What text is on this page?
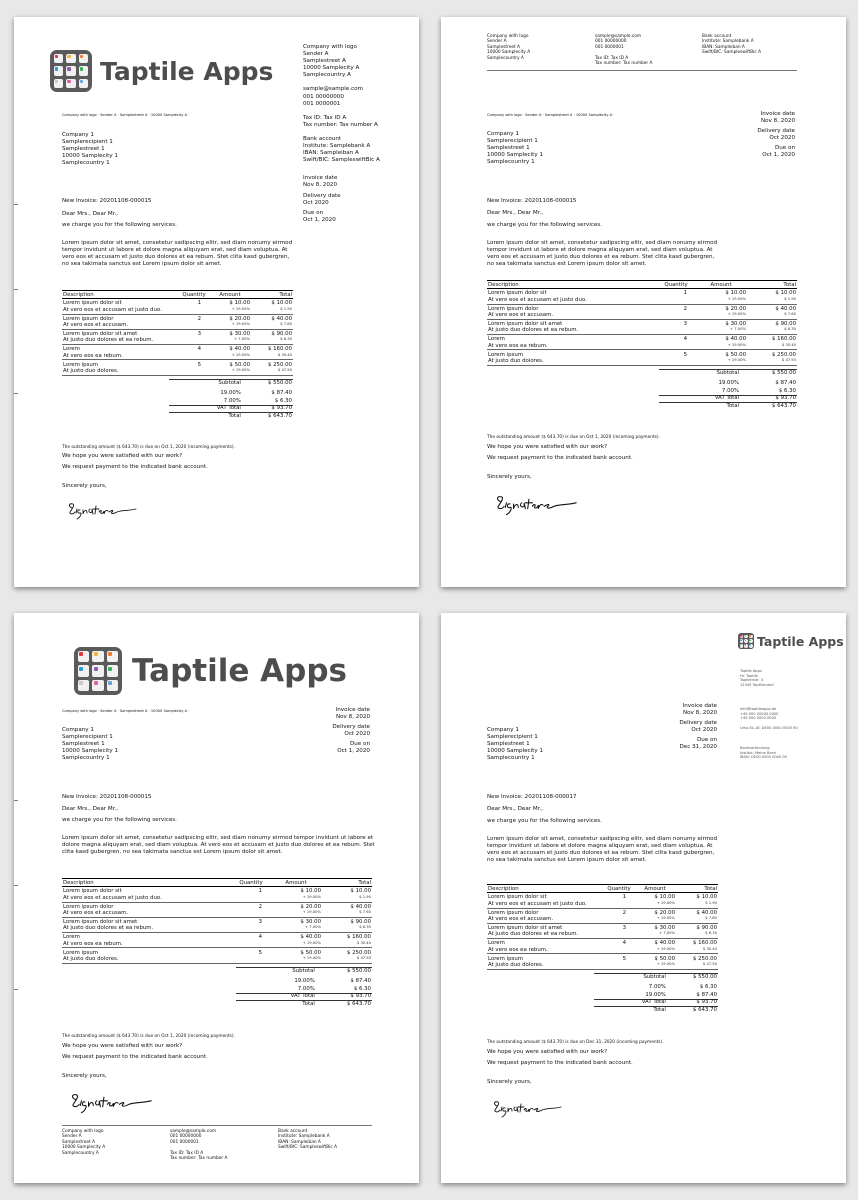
Taptile Apps
Company with logo
Sender A
Samplestreet A
10000 Samplecity A
Samplecountry A
sample@sample.com
001 00000000
001 0000001
Tax ID: Tax ID A
Tax number: Tax number A
Bank account
Institute: Samplebank A
IBAN: Sampleiban A
Swift/BIC: SampleswiftBic A
Invoice date
Nov 8, 2020
Delivery date
Oct 2020
Due on
Oct 1, 2020
Company with logo · Sender A · Samplestreet A · 10000 Samplecity A ·
Company 1
Samplerecipient 1
Samplestreet 1
10000 Samplecity 1
Samplecountry 1
New Invoice: 20201108-000015
Dear Mrs., Dear Mr.,
we charge you for the following services.
Lorem ipsum dolor sit amet, consetetur sadipscing elitr, sed diam nonumy eirmod
tempor invidunt ut labore et dolore magna aliquyam erat, sed diam voluptua. At
vero eos et accusam et justo duo dolores et ea rebum. Stet clita kasd gubergren,
no sea takimata sanctus est Lorem ipsum dolor sit amet.
Description	Quantity	Amount	Total
Lorem ipsum dolor sit	1	$ 10.00	$ 10.00
At vero eos et accusam et justo duo.		+ 19.00%	$ 1.90
Lorem ipsum dolor	2	$ 20.00	$ 40.00
At vero eos et accusam.		+ 19.00%	$ 7.60
Lorem ipsum dolor sit amet	3	$ 30.00	$ 90.00
At justo duo dolores et ea rebum.		+ 7.00%	$ 6.30
Lorem	4	$ 40.00	$ 160.00
At vero eos ea rebum.		+ 19.00%	$ 30.40
Lorem ipsum	5	$ 50.00	$ 250.00
At justo duo dolores.		+ 19.00%	$ 47.50
Subtotal	$ 550.00
19.00%	$ 87.40
7.00%	$ 6.30
VAT Total	$ 93.70
Total	$ 643.70
The outstanding amount ($ 643.70) is due on Oct 1, 2020 (incoming payments).
We hope you were satisfied with our work?
We request payment to the indicated bank account.
Sincerely yours,
Company with logo
Sender A
Samplestreet A
10000 Samplecity A
Samplecountry A
sample@sample.com
001 00000000
001 0000001
Tax ID: Tax ID A
Tax number: Tax number A
Bank account
Institute: Samplebank A
IBAN: Sampleiban A
Swift/BIC: SampleswiftBic A
Company with logo · Sender A · Samplestreet A · 10000 Samplecity A ·	Invoice date
Nov 8, 2020
Delivery date
Oct 2020
Due on
Oct 1, 2020
Company 1
Samplerecipient 1
Samplestreet 1
10000 Samplecity 1
Samplecountry 1
New Invoice: 20201108-000015
Dear Mrs., Dear Mr.,
we charge you for the following services.
Lorem ipsum dolor sit amet, consetetur sadipscing elitr, sed diam nonumy eirmod
tempor invidunt ut labore et dolore magna aliquyam erat, sed diam voluptua. At
vero eos et accusam et justo duo dolores et ea rebum. Stet clita kasd gubergren,
no sea takimata sanctus est Lorem ipsum dolor sit amet.
Description	Quantity	Amount	Total
Lorem ipsum dolor sit	1	$ 10.00	$ 10.00
At vero eos et accusam et justo duo.		+ 19.00%	$ 1.90
Lorem ipsum dolor	2	$ 20.00	$ 40.00
At vero eos et accusam.		+ 19.00%	$ 7.60
Lorem ipsum dolor sit amet	3	$ 30.00	$ 90.00
At justo duo dolores et ea rebum.		+ 7.00%	$ 6.30
Lorem	4	$ 40.00	$ 160.00
At vero eos ea rebum.		+ 19.00%	$ 30.40
Lorem ipsum	5	$ 50.00	$ 250.00
At justo duo dolores.		+ 19.00%	$ 47.50
Subtotal	$ 550.00
19.00%	$ 87.40
7.00%	$ 6.30
VAT Total	$ 93.70
Total	$ 643.70
The outstanding amount ($ 643.70) is due on Oct 1, 2020 (incoming payments).
We hope you were satisfied with our work?
We request payment to the indicated bank account.
Sincerely yours,
Taptile Apps
Company with logo · Sender A · Samplestreet A · 10000 Samplecity A ·	Invoice date
Nov 8, 2020
Delivery date
Oct 2020
Due on
Oct 1, 2020
Company 1
Samplerecipient 1
Samplestreet 1
10000 Samplecity 1
Samplecountry 1
New Invoice: 20201108-000015
Dear Mrs., Dear Mr.,
we charge you for the following services.
Lorem ipsum dolor sit amet, consetetur sadipscing elitr, sed diam nonumy eirmod tempor invidunt ut labore et
dolore magna aliquyam erat, sed diam voluptua. At vero eos et accusam et justo duo dolores et ea rebum. Stet
clita kasd gubergren, no sea takimata sanctus est Lorem ipsum dolor sit amet.
Description	Quantity	Amount	Total
Lorem ipsum dolor sit	1	$ 10.00	$ 10.00
At vero eos et accusam et justo duo.		+ 19.00%	$ 1.90
Lorem ipsum dolor	2	$ 20.00	$ 40.00
At vero eos et accusam.		+ 19.00%	$ 7.60
Lorem ipsum dolor sit amet	3	$ 30.00	$ 90.00
At justo duo dolores et ea rebum.		+ 7.00%	$ 6.30
Lorem	4	$ 40.00	$ 160.00
At vero eos ea rebum.		+ 19.00%	$ 30.40
Lorem ipsum	5	$ 50.00	$ 250.00
At justo duo dolores.		+ 19.00%	$ 47.50
Subtotal	$ 550.00
19.00%	$ 87.40
7.00%	$ 6.30
VAT Total	$ 93.70
Total	$ 643.70
The outstanding amount ($ 643.70) is due on Oct 1, 2020 (incoming payments).
We hope you were satisfied with our work?
We request payment to the indicated bank account.
Sincerely yours,
Company with logo
Sender A
Samplestreet A
10000 Samplecity A
Samplecountry A
sample@sample.com
001 00000000
001 0000001
Tax ID: Tax ID A
Tax number: Tax number A
Bank account
Institute: Samplebank A
IBAN: Sampleiban A
Swift/BIC: SampleswiftBic A
Taptile Apps
Taptile Apps
Hr. Taptile
Taptilenstr. 3
12345 Taptilendorf
info@taptileapps.de
+49 000 00000 0000
+49 000 0000 0000
Umx.St.-ID: DE00 0000 0000 00
Bankverbindung
Institut: Meine Bank
IBAN: DE00 0000 0000 00
Invoice date
Nov 8, 2020
Delivery date
Oct 2020
Due on
Dec 31, 2020
Company 1
Samplerecipient 1
Samplestreet 1
10000 Samplecity 1
Samplecountry 1
New Invoice: 20201108-000017
Dear Mrs., Dear Mr.,
we charge you for the following services.
Lorem ipsum dolor sit amet, consetetur sadipscing elitr, sed diam nonumy eirmod
tempor invidunt ut labore et dolore magna aliquyam erat, sed diam voluptua. At
vero eos et accusam et justo duo dolores et ea rebum. Stet clita kasd gubergren,
no sea takimata sanctus est Lorem ipsum dolor sit amet.
Description	Quantity	Amount	Total
Lorem ipsum dolor sit	1	$ 10.00	$ 10.00
At vero eos et accusam et justo duo.		+ 19.00%	$ 1.90
Lorem ipsum dolor	2	$ 20.00	$ 40.00
At vero eos et accusam.		+ 19.00%	$ 7.60
Lorem ipsum dolor sit amet	3	$ 30.00	$ 90.00
At justo duo dolores et ea rebum.		+ 7.00%	$ 6.30
Lorem	4	$ 40.00	$ 160.00
At vero eos ea rebum.		+ 19.00%	$ 30.40
Lorem ipsum	5	$ 50.00	$ 250.00
At justo duo dolores.		+ 19.00%	$ 47.50
Subtotal	$ 550.00
7.00%	$ 6.30
19.00%	$ 87.40
VAT Total	$ 93.70
Total	$ 643.70
The outstanding amount ($ 643.70) is due on Dec 31, 2020 (incoming payments).
We hope you were satisfied with our work?
We request payment to the indicated bank account.
Sincerely yours,
